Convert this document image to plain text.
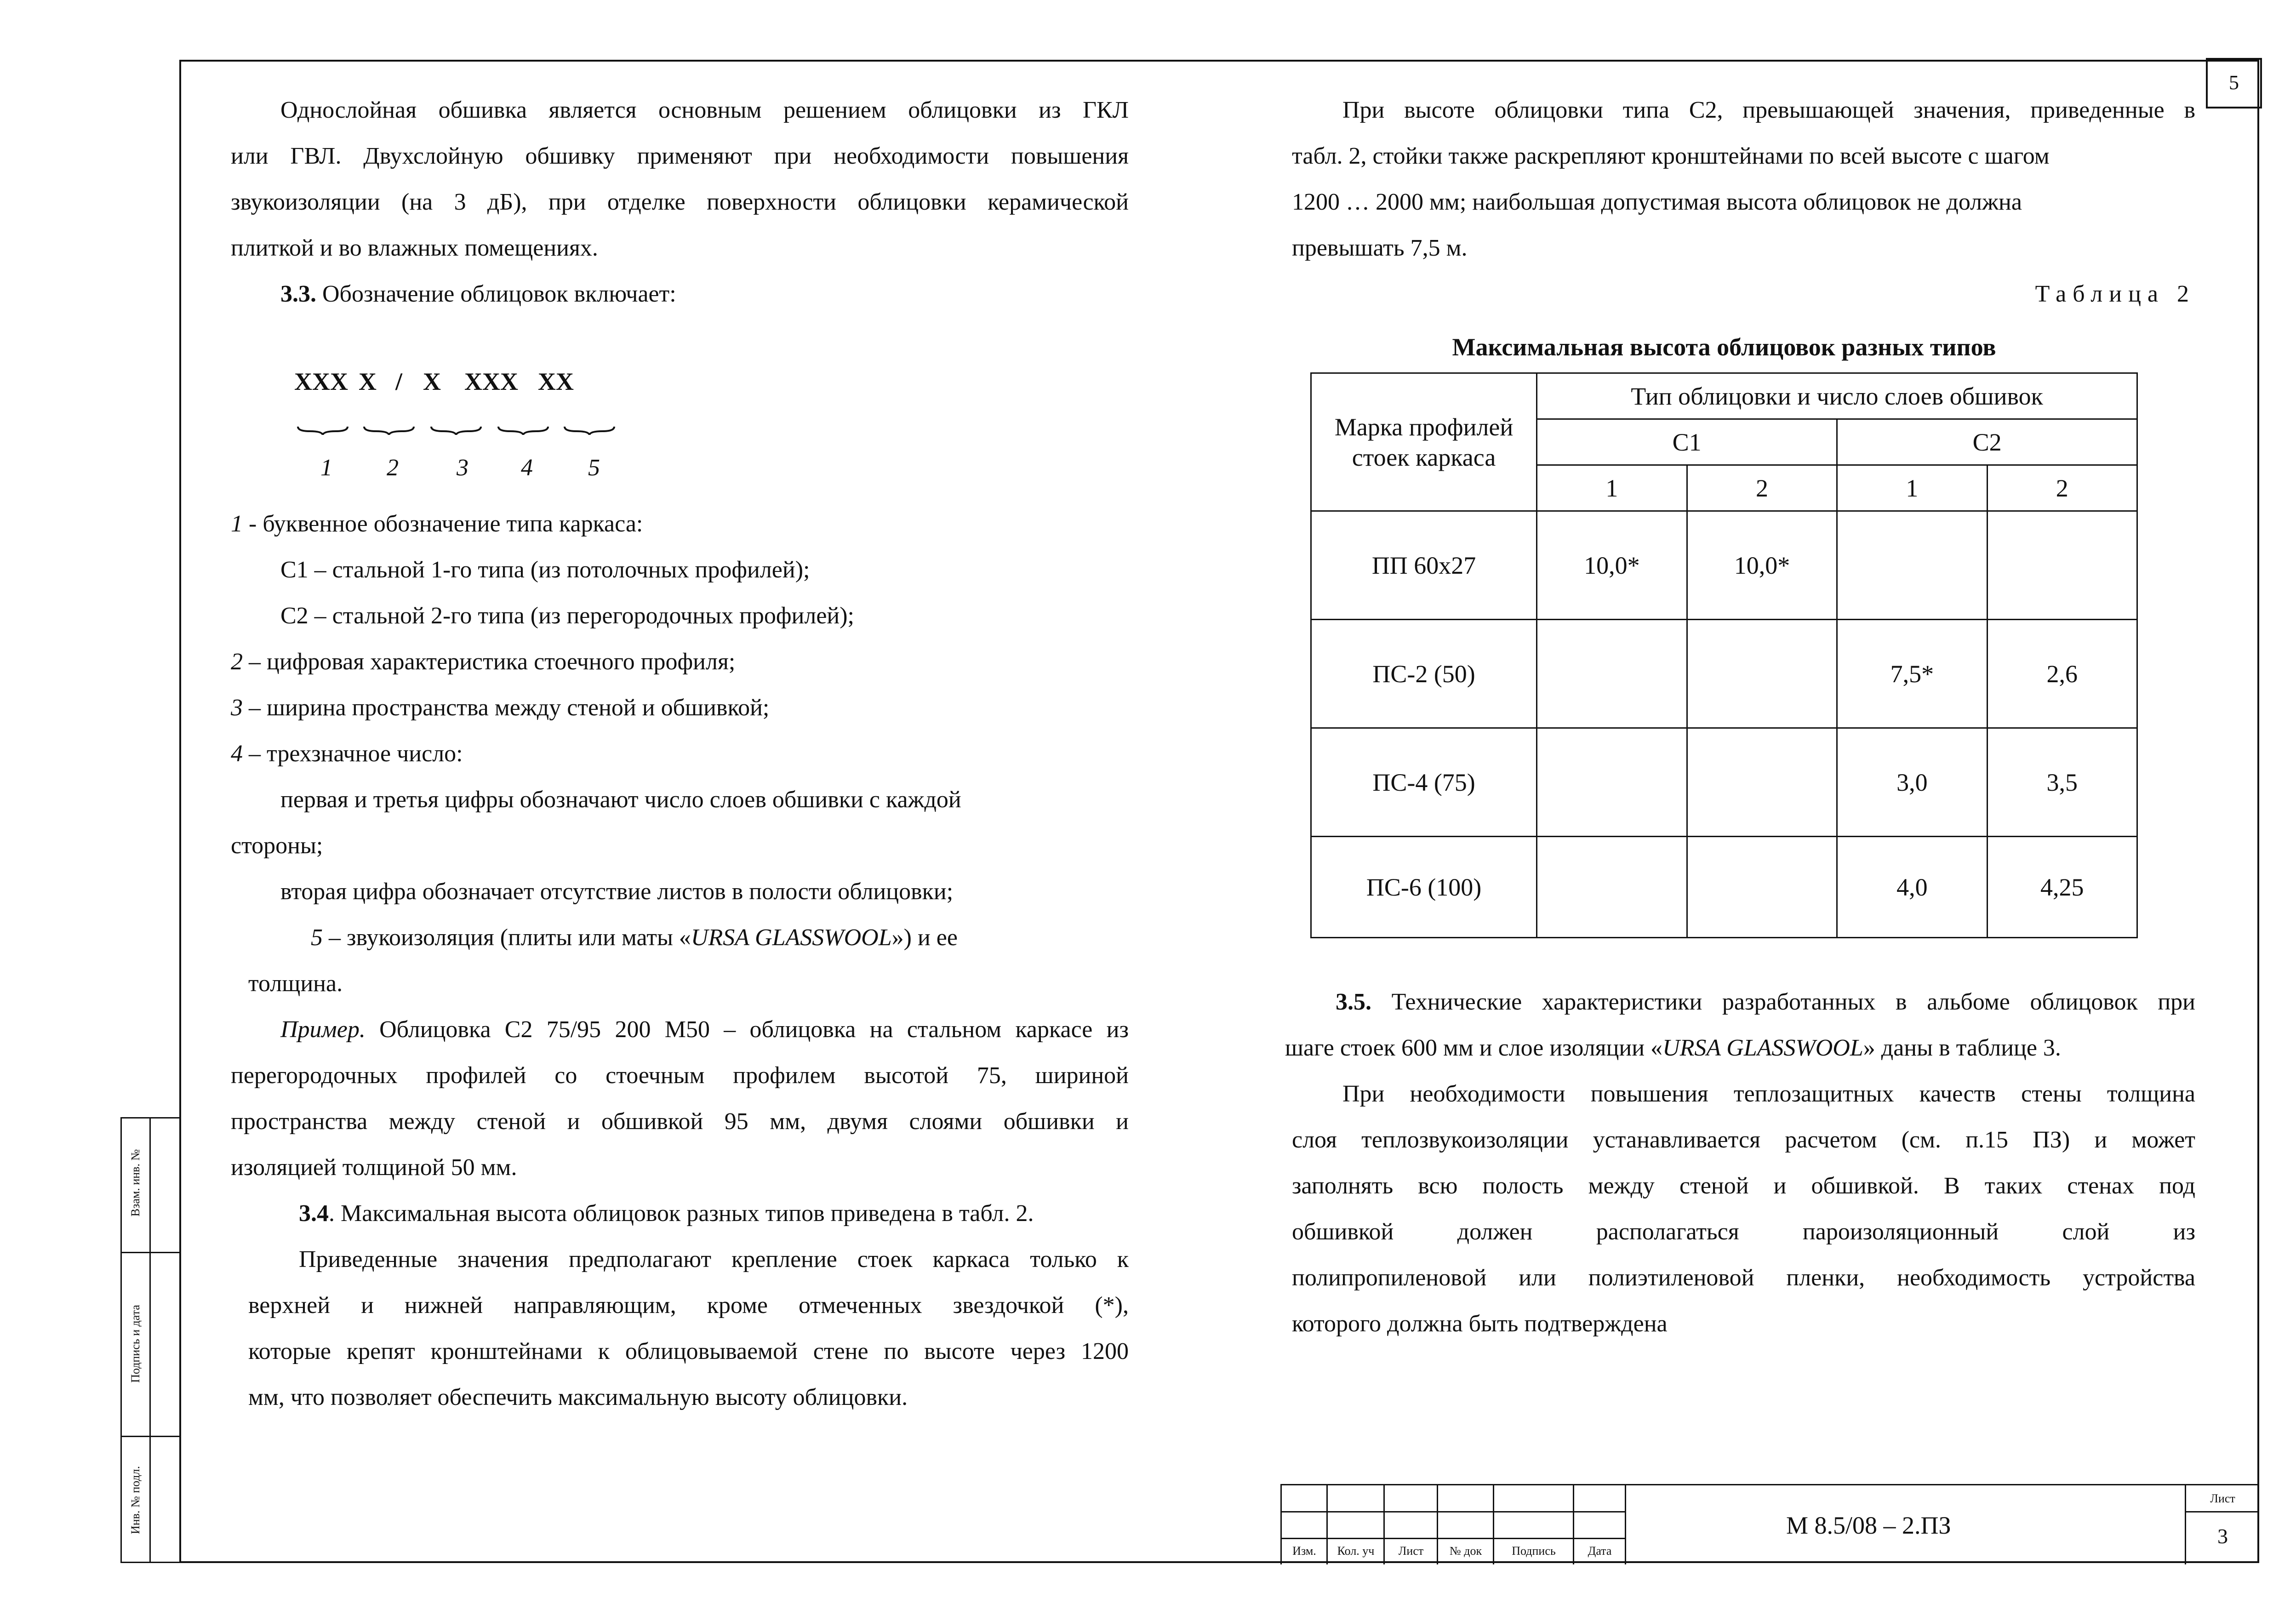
5
Однослойная обшивка является основным решением облицовки из ГКЛ
или ГВЛ. Двухслойную обшивку применяют при необходимости повышения
звукоизоляции (на 3 дБ), при отделке поверхности облицовки керамической
плиткой и во влажных помещениях.
3.3. Обозначение облицовок включает:
XXX X / X XXX XX
1	2	3	4	5
1 - буквенное обозначение типа каркаса:
С1 – стальной 1-го типа (из потолочных профилей);
С2 – стальной 2-го типа (из перегородочных профилей);
2 – цифровая характеристика стоечного профиля;
3 – ширина пространства между стеной и обшивкой;
4 – трехзначное число:
первая и третья цифры обозначают число слоев обшивки с каждой
стороны;
вторая цифра обозначает отсутствие листов в полости облицовки;
5 – звукоизоляция (плиты или маты «URSA GLASSWOOL») и ее
толщина.
Пример. Облицовка С2 75/95 200 М50 – облицовка на стальном каркасе из
перегородочных профилей со стоечным профилем высотой 75, шириной
пространства между стеной и обшивкой 95 мм, двумя слоями обшивки и
изоляцией толщиной 50 мм.
3.4. Максимальная высота облицовок разных типов приведена в табл. 2.
Приведенные значения предполагают крепление стоек каркаса только к
верхней и нижней направляющим, кроме отмеченных звездочкой (*),
которые крепят кронштейнами к облицовываемой стене по высоте через 1200
мм, что позволяет обеспечить максимальную высоту облицовки.
При высоте облицовки типа С2, превышающей значения, приведенные в
табл. 2, стойки также раскрепляют кронштейнами по всей высоте с шагом
1200 … 2000 мм; наибольшая допустимая высота облицовок не должна
превышать 7,5 м.
Таблица 2
Максимальная высота облицовок разных типов
Марка профилей стоек каркаса	Тип облицовки и число слоев обшивок			
	С1		С2	
	1	2	1	2
ПП 60х27	10,0*	10,0*		
ПС-2 (50)			7,5*	2,6
ПС-4 (75)			3,0	3,5
ПС-6 (100)			4,0	4,25
3.5. Технические характеристики разработанных в альбоме облицовок при
шаге стоек 600 мм и слое изоляции «URSA GLASSWOOL» даны в таблице 3.
При необходимости повышения теплозащитных качеств стены толщина
слоя теплозвукоизоляции устанавливается расчетом (см. п.15 ПЗ) и может
заполнять всю полость между стеной и обшивкой. В таких стенах под
обшивкой должен располагаться пароизоляционный слой из
полипропиленовой или полиэтиленовой пленки, необходимость устройства
которого должна быть подтверждена
Взам. инв. №
Подпись и дата
Инв. № подл.
Изм.	Кол. уч	Лист	№ док	Подпись	Дата
М 8.5/08 – 2.ПЗ
Лист
3
